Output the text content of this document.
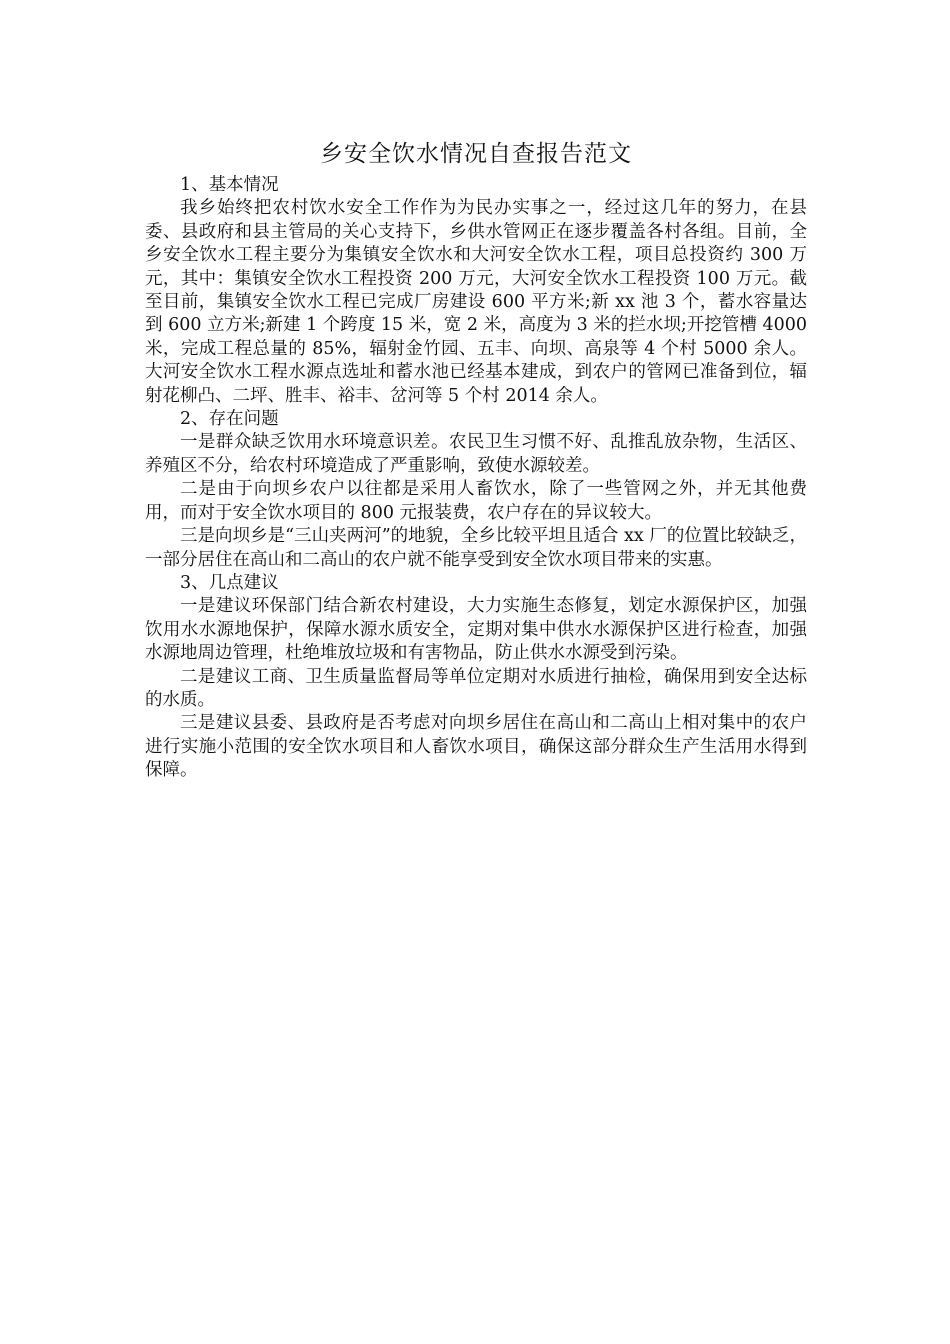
乡安全饮水情况自查报告范文

1、基本情况

我乡始终把农村饮水安全工作作为为民办实事之一，经过这几年的努力，在县委、县政府和县主管局的关心支持下，乡供水管网正在逐步覆盖各村各组。目前，全乡安全饮水工程主要分为集镇安全饮水和大河安全饮水工程，项目总投资约 300 万元，其中：集镇安全饮水工程投资 200 万元，大河安全饮水工程投资 100 万元。截至目前，集镇安全饮水工程已完成厂房建设 600 平方米;新 xx 池 3 个，蓄水容量达到 600 立方米;新建 1 个跨度 15 米，宽 2 米，高度为 3 米的拦水坝;开挖管槽 4000 米，完成工程总量的 85%，辐射金竹园、五丰、向坝、高泉等 4 个村 5000 余人。大河安全饮水工程水源点选址和蓄水池已经基本建成，到农户的管网已准备到位，辐射花柳凸、二坪、胜丰、裕丰、岔河等 5 个村 2014 余人。

2、存在问题

一是群众缺乏饮用水环境意识差。农民卫生习惯不好、乱推乱放杂物，生活区、养殖区不分，给农村环境造成了严重影响，致使水源较差。

二是由于向坝乡农户以往都是采用人畜饮水，除了一些管网之外，并无其他费用，而对于安全饮水项目的 800 元报装费，农户存在的异议较大。

三是向坝乡是“三山夹两河”的地貌，全乡比较平坦且适合 xx 厂的位置比较缺乏，一部分居住在高山和二高山的农户就不能享受到安全饮水项目带来的实惠。

3、几点建议

一是建议环保部门结合新农村建设，大力实施生态修复，划定水源保护区，加强饮用水水源地保护，保障水源水质安全，定期对集中供水水源保护区进行检查，加强水源地周边管理，杜绝堆放垃圾和有害物品，防止供水水源受到污染。

二是建议工商、卫生质量监督局等单位定期对水质进行抽检，确保用到安全达标的水质。

三是建议县委、县政府是否考虑对向坝乡居住在高山和二高山上相对集中的农户进行实施小范围的安全饮水项目和人畜饮水项目，确保这部分群众生产生活用水得到保障。
